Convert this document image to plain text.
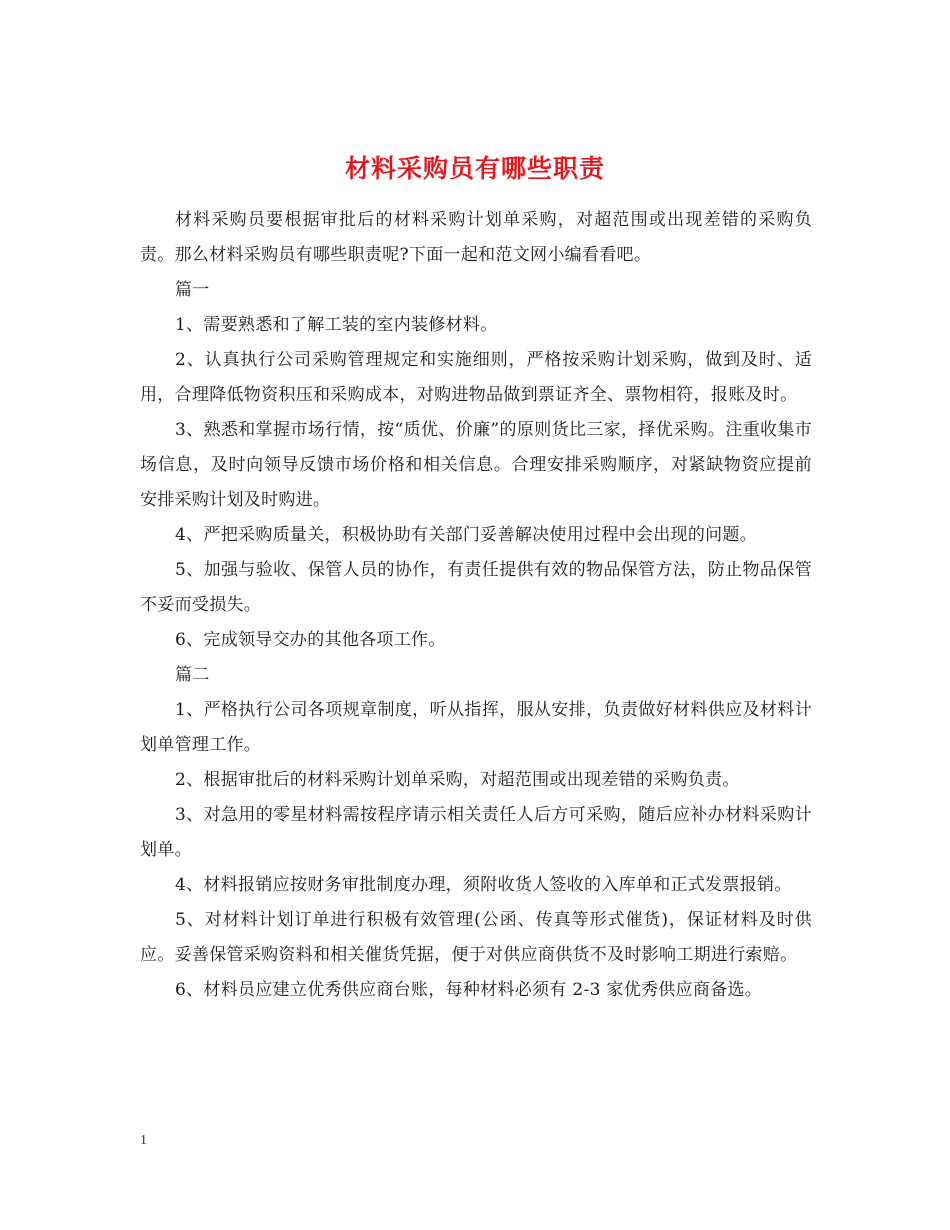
材料采购员有哪些职责

材料采购员要根据审批后的材料采购计划单采购，对超范围或出现差错的采购负责。那么材料采购员有哪些职责呢?下面一起和范文网小编看看吧。

篇一

1、需要熟悉和了解工装的室内装修材料。

2、认真执行公司采购管理规定和实施细则，严格按采购计划采购，做到及时、适用，合理降低物资积压和采购成本，对购进物品做到票证齐全、票物相符，报账及时。

3、熟悉和掌握市场行情，按“质优、价廉”的原则货比三家，择优采购。注重收集市场信息，及时向领导反馈市场价格和相关信息。合理安排采购顺序，对紧缺物资应提前安排采购计划及时购进。

4、严把采购质量关，积极协助有关部门妥善解决使用过程中会出现的问题。

5、加强与验收、保管人员的协作，有责任提供有效的物品保管方法，防止物品保管不妥而受损失。

6、完成领导交办的其他各项工作。

篇二

1、严格执行公司各项规章制度，听从指挥，服从安排，负责做好材料供应及材料计划单管理工作。

2、根据审批后的材料采购计划单采购，对超范围或出现差错的采购负责。

3、对急用的零星材料需按程序请示相关责任人后方可采购，随后应补办材料采购计划单。

4、材料报销应按财务审批制度办理，须附收货人签收的入库单和正式发票报销。

5、对材料计划订单进行积极有效管理(公函、传真等形式催货)，保证材料及时供应。妥善保管采购资料和相关催货凭据，便于对供应商供货不及时影响工期进行索赔。

6、材料员应建立优秀供应商台账，每种材料必须有 2-3 家优秀供应商备选。

1
